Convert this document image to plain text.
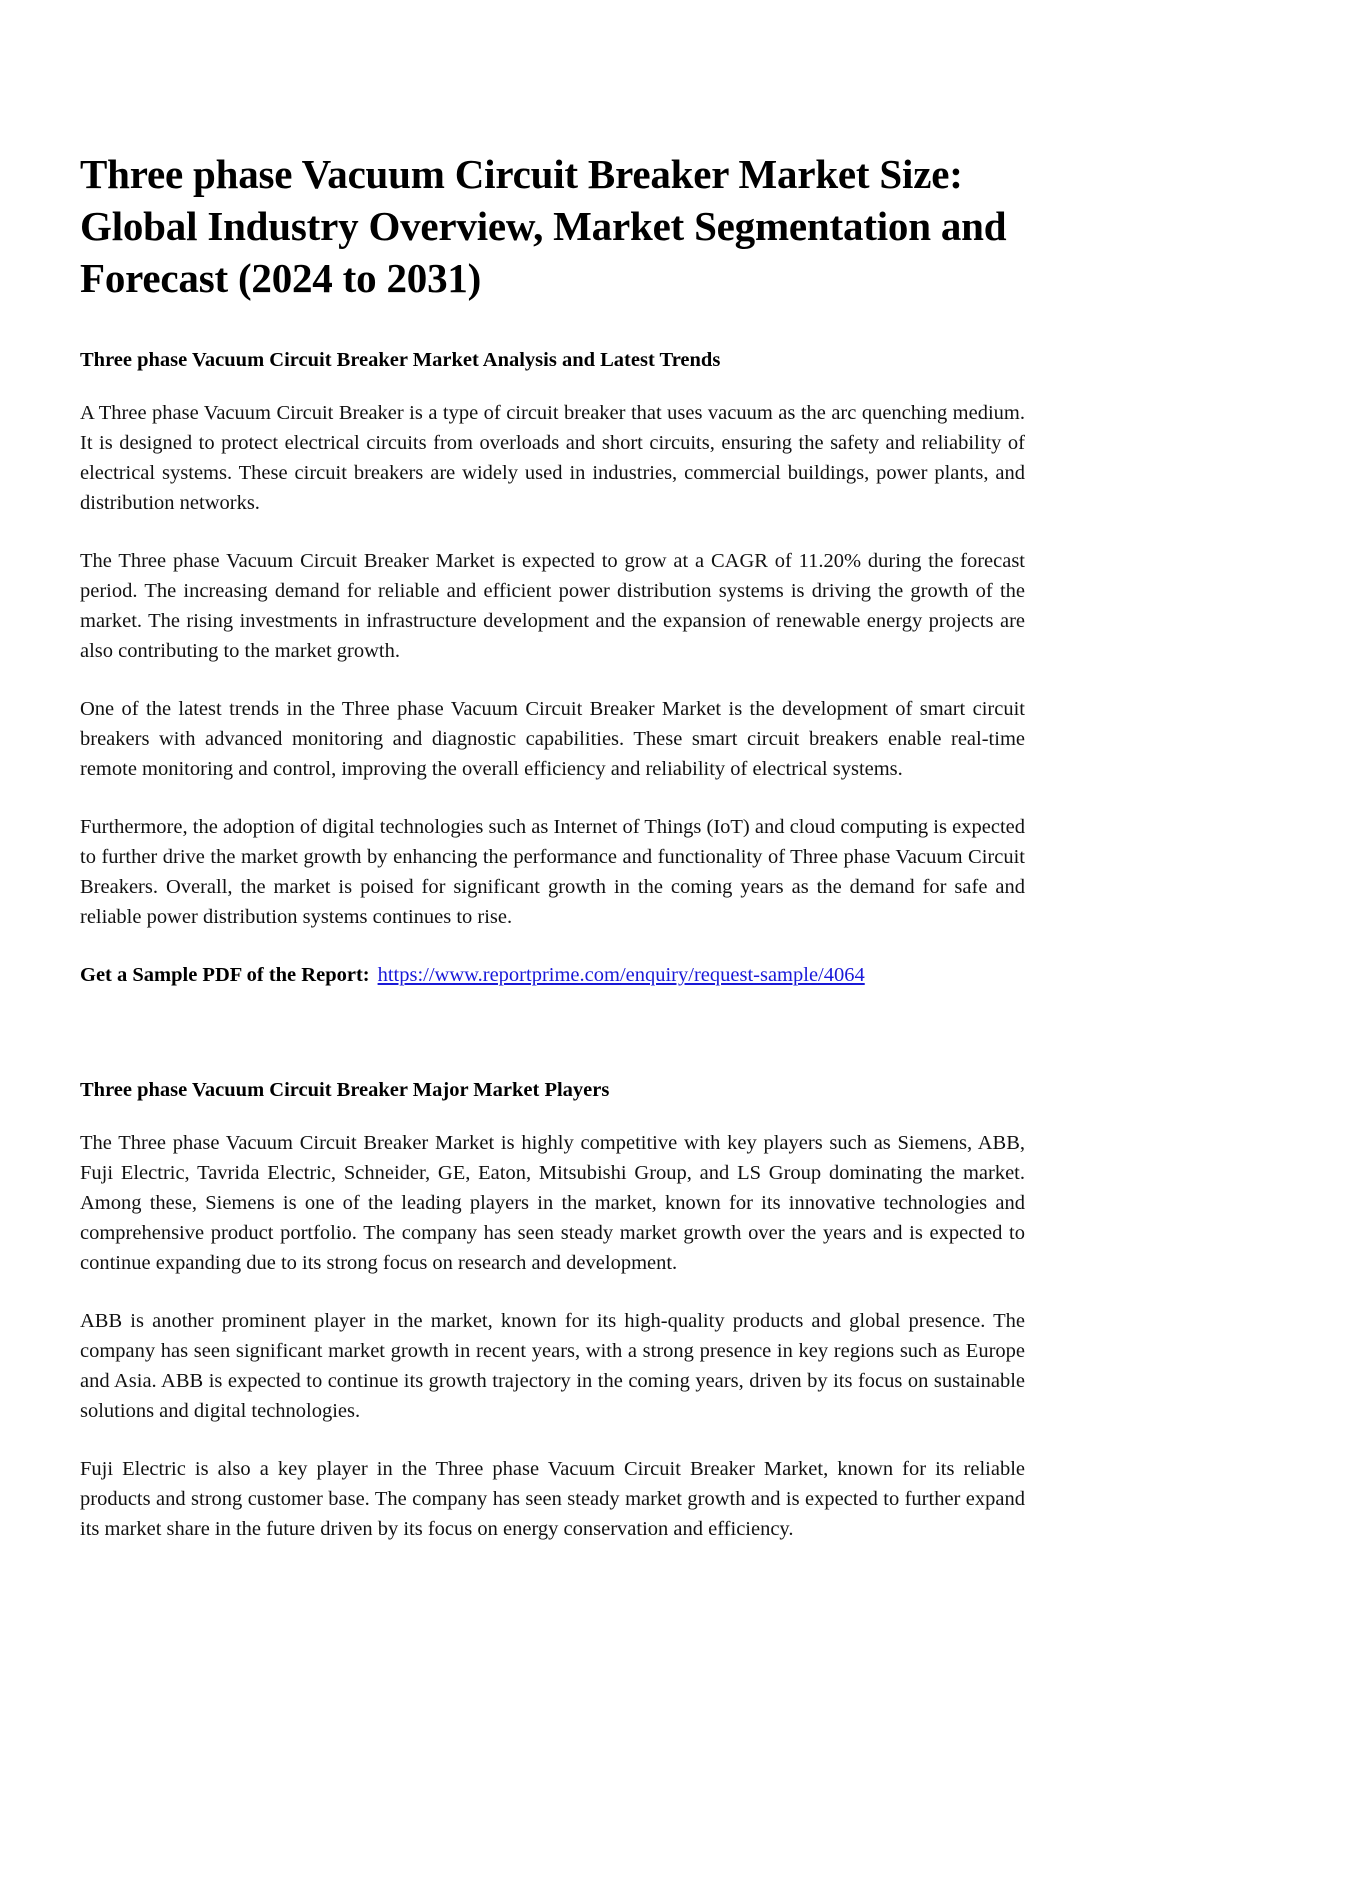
Three phase Vacuum Circuit Breaker Market Size: Global Industry Overview, Market Segmentation and Forecast (2024 to 2031)
Three phase Vacuum Circuit Breaker Market Analysis and Latest Trends

A Three phase Vacuum Circuit Breaker is a type of circuit breaker that uses vacuum as the arc quenching medium. It is designed to protect electrical circuits from overloads and short circuits, ensuring the safety and reliability of electrical systems. These circuit breakers are widely used in industries, commercial buildings, power plants, and distribution networks.

The Three phase Vacuum Circuit Breaker Market is expected to grow at a CAGR of 11.20% during the forecast period. The increasing demand for reliable and efficient power distribution systems is driving the growth of the market. The rising investments in infrastructure development and the expansion of renewable energy projects are also contributing to the market growth.

One of the latest trends in the Three phase Vacuum Circuit Breaker Market is the development of smart circuit breakers with advanced monitoring and diagnostic capabilities. These smart circuit breakers enable real-time remote monitoring and control, improving the overall efficiency and reliability of electrical systems.

Furthermore, the adoption of digital technologies such as Internet of Things (IoT) and cloud computing is expected to further drive the market growth by enhancing the performance and functionality of Three phase Vacuum Circuit Breakers. Overall, the market is poised for significant growth in the coming years as the demand for safe and reliable power distribution systems continues to rise.

Get a Sample PDF of the Report: https://www.reportprime.com/enquiry/request-sample/4064

Three phase Vacuum Circuit Breaker Major Market Players

The Three phase Vacuum Circuit Breaker Market is highly competitive with key players such as Siemens, ABB, Fuji Electric, Tavrida Electric, Schneider, GE, Eaton, Mitsubishi Group, and LS Group dominating the market. Among these, Siemens is one of the leading players in the market, known for its innovative technologies and comprehensive product portfolio. The company has seen steady market growth over the years and is expected to continue expanding due to its strong focus on research and development.

ABB is another prominent player in the market, known for its high-quality products and global presence. The company has seen significant market growth in recent years, with a strong presence in key regions such as Europe and Asia. ABB is expected to continue its growth trajectory in the coming years, driven by its focus on sustainable solutions and digital technologies.

Fuji Electric is also a key player in the Three phase Vacuum Circuit Breaker Market, known for its reliable products and strong customer base. The company has seen steady market growth and is expected to further expand its market share in the future driven by its focus on energy conservation and efficiency.
